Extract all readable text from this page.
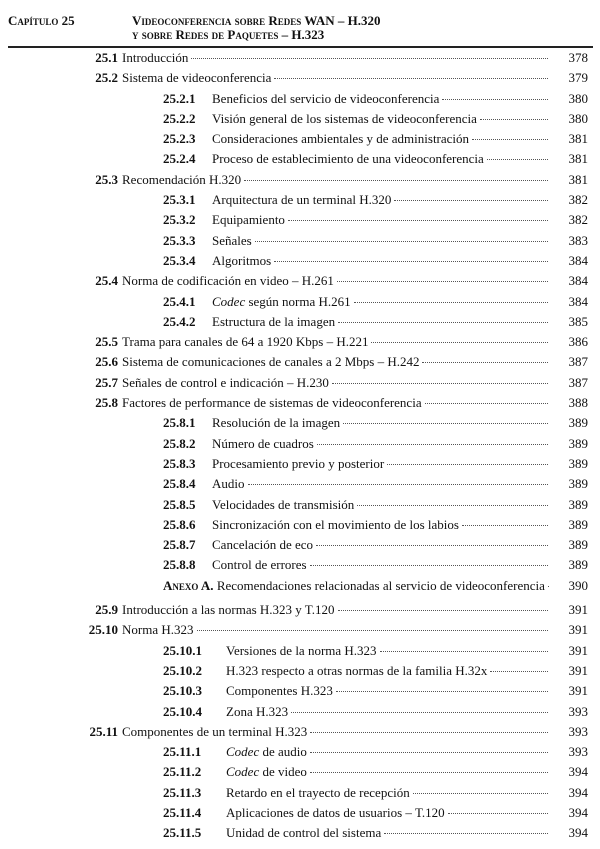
Capítulo 25	Videoconferencia sobre Redes WAN – H.320
y sobre Redes de Paquetes – H.323
25.1 Introducción	378
25.2 Sistema de videoconferencia	379
25.2.1 Beneficios del servicio de videoconferencia	380
25.2.2 Visión general de los sistemas de videoconferencia	380
25.2.3 Consideraciones ambientales y de administración	381
25.2.4 Proceso de establecimiento de una videoconferencia	381
25.3 Recomendación H.320	381
25.3.1 Arquitectura de un terminal H.320	382
25.3.2 Equipamiento	382
25.3.3 Señales	383
25.3.4 Algoritmos	384
25.4 Norma de codificación en video – H.261	384
25.4.1 Codec según norma H.261	384
25.4.2 Estructura de la imagen	385
25.5 Trama para canales de 64 a 1920 Kbps – H.221	386
25.6 Sistema de comunicaciones de canales a 2 Mbps – H.242	387
25.7 Señales de control e indicación – H.230	387
25.8 Factores de performance de sistemas de videoconferencia	388
25.8.1 Resolución de la imagen	389
25.8.2 Número de cuadros	389
25.8.3 Procesamiento previo y posterior	389
25.8.4 Audio	389
25.8.5 Velocidades de transmisión	389
25.8.6 Sincronización con el movimiento de los labios	389
25.8.7 Cancelación de eco	389
25.8.8 Control de errores	389
Anexo A. Recomendaciones relacionadas al servicio de videoconferencia	390
25.9 Introducción a las normas H.323 y T.120	391
25.10 Norma H.323	391
25.10.1 Versiones de la norma H.323	391
25.10.2 H.323 respecto a otras normas de la familia H.32x	391
25.10.3 Componentes H.323	391
25.10.4 Zona H.323	393
25.11 Componentes de un terminal H.323	393
25.11.1 Codec de audio	393
25.11.2 Codec de video	394
25.11.3 Retardo en el trayecto de recepción	394
25.11.4 Aplicaciones de datos de usuarios – T.120	394
25.11.5 Unidad de control del sistema	394
